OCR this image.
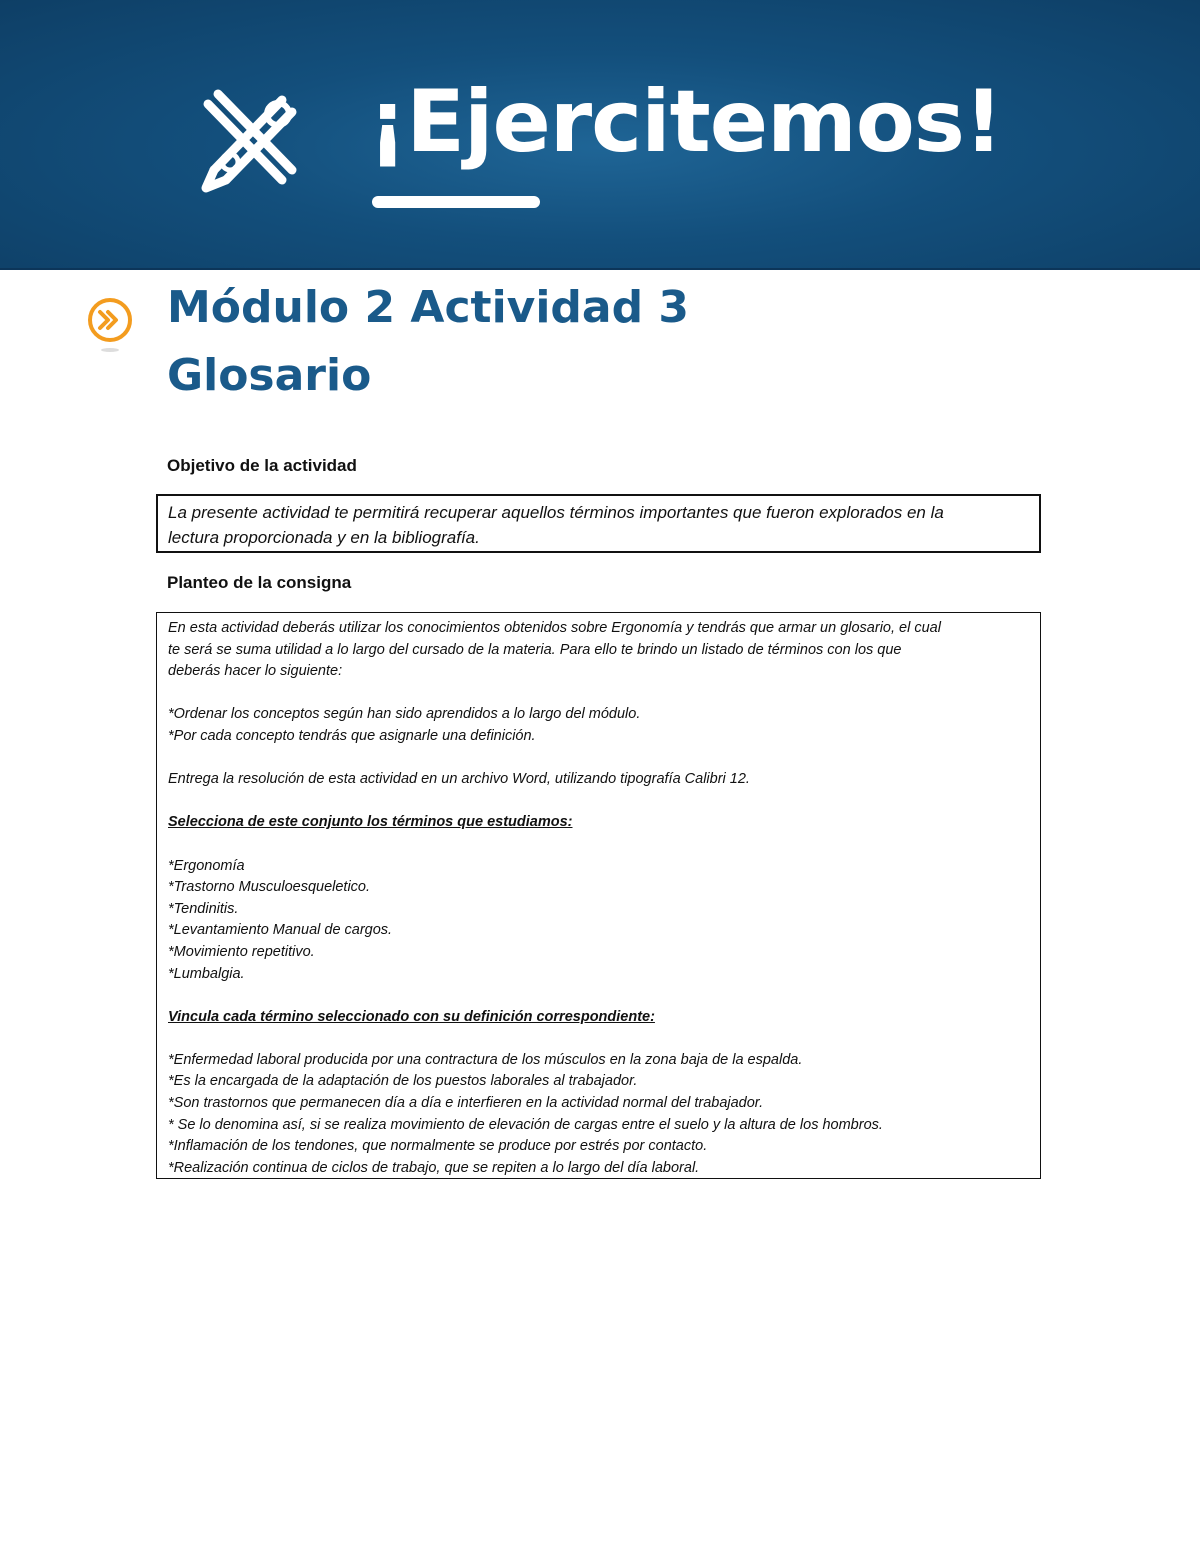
¡Ejercitemos!
Módulo 2 Actividad 3
Glosario
Objetivo de la actividad
La presente actividad te permitirá recuperar aquellos términos importantes que fueron explorados en la
lectura proporcionada y en la bibliografía.
Planteo de la consigna
En esta actividad deberás utilizar los conocimientos obtenidos sobre Ergonomía y tendrás que armar un glosario, el cual
te será se suma utilidad a lo largo del cursado de la materia. Para ello te brindo un listado de términos con los que
deberás hacer lo siguiente:
*Ordenar los conceptos según han sido aprendidos a lo largo del módulo.
*Por cada concepto tendrás que asignarle una definición.
Entrega la resolución de esta actividad en un archivo Word, utilizando tipografía Calibri 12.
Selecciona de este conjunto los términos que estudiamos:
*Ergonomía
*Trastorno Musculoesqueletico.
*Tendinitis.
*Levantamiento Manual de cargos.
*Movimiento repetitivo.
*Lumbalgia.
Vincula cada término seleccionado con su definición correspondiente:
*Enfermedad laboral producida por una contractura de los músculos en la zona baja de la espalda.
*Es la encargada de la adaptación de los puestos laborales al trabajador.
*Son trastornos que permanecen día a día e interfieren en la actividad normal del trabajador.
* Se lo denomina así, si se realiza movimiento de elevación de cargas entre el suelo y la altura de los hombros.
*Inflamación de los tendones, que normalmente se produce por estrés por contacto.
*Realización continua de ciclos de trabajo, que se repiten a lo largo del día laboral.
